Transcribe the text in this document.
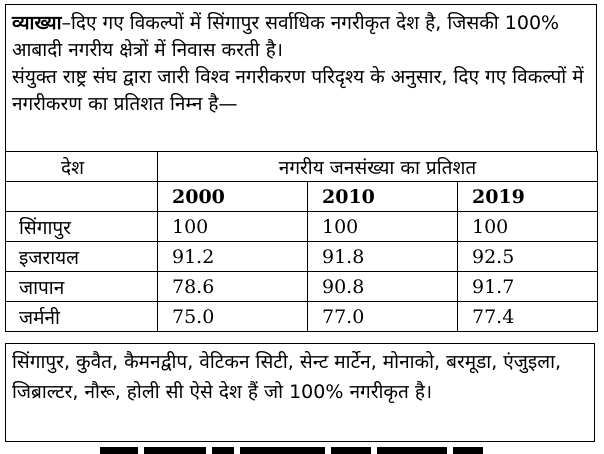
व्याख्या–दिए गए विकल्पों में सिंगापुर सर्वाधिक नगरीकृत देश है, जिसकी 100% आबादी नगरीय क्षेत्रों में निवास करती है।
संयुक्त राष्ट्र संघ द्वारा जारी विश्व नगरीकरण परिदृश्य के अनुसार, दिए गए विकल्पों में नगरीकरण का प्रतिशत निम्न है—
देश	नगरीय जनसंख्या का प्रतिशत		
	2000	2010	2019
सिंगापुर	100	100	100
इजरायल	91.2	91.8	92.5
जापान	78.6	90.8	91.7
जर्मनी	75.0	77.0	77.4
सिंगापुर, कुवैत, कैमनद्वीप, वेटिकन सिटी, सेन्ट मार्टेन, मोनाको, बरमूडा, एंजुइला, जिब्राल्टर, नौरू, होली सी ऐसे देश हैं जो 100% नगरीकृत है।
